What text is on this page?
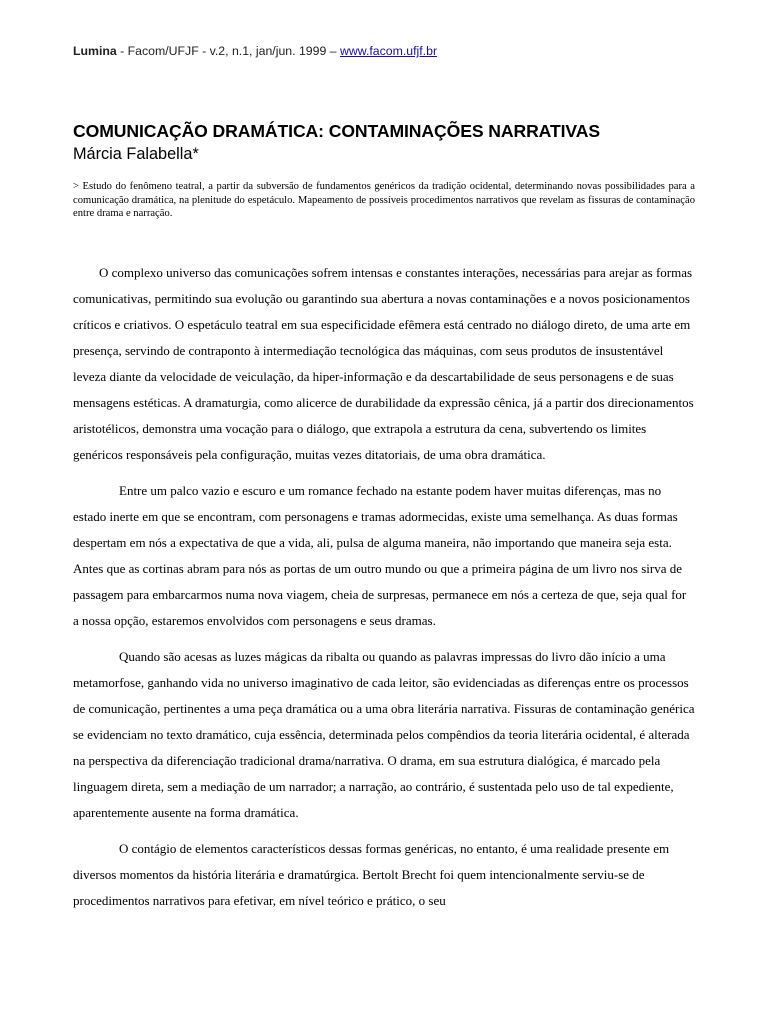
Lumina - Facom/UFJF - v.2, n.1, jan/jun. 1999 – www.facom.ufjf.br
COMUNICAÇÃO DRAMÁTICA: CONTAMINAÇÕES NARRATIVAS
Márcia Falabella*

> Estudo do fenômeno teatral, a partir da subversão de fundamentos genéricos da tradição ocidental, determinando novas possibilidades para a comunicação dramática, na plenitude do espetáculo. Mapeamento de possíveis procedimentos narrativos que revelam as fissuras de contaminação entre drama e narração.

O complexo universo das comunicações sofrem intensas e constantes interações, necessárias para arejar as formas comunicativas, permitindo sua evolução ou garantindo sua abertura a novas contaminações e a novos posicionamentos críticos e criativos. O espetáculo teatral em sua especificidade efêmera está centrado no diálogo direto, de uma arte em presença, servindo de contraponto à intermediação tecnológica das máquinas, com seus produtos de insustentável leveza diante da velocidade de veiculação, da hiper-informação e da descartabilidade de seus personagens e de suas mensagens estéticas. A dramaturgia, como alicerce de durabilidade da expressão cênica, já a partir dos direcionamentos aristotélicos, demonstra uma vocação para o diálogo, que extrapola a estrutura da cena, subvertendo os limites genéricos responsáveis pela configuração, muitas vezes ditatoriais, de uma obra dramática.

Entre um palco vazio e escuro e um romance fechado na estante podem haver muitas diferenças, mas no estado inerte em que se encontram, com personagens e tramas adormecidas, existe uma semelhança. As duas formas despertam em nós a expectativa de que a vida, ali, pulsa de alguma maneira, não importando que maneira seja esta. Antes que as cortinas abram para nós as portas de um outro mundo ou que a primeira página de um livro nos sirva de passagem para embarcarmos numa nova viagem, cheia de surpresas, permanece em nós a certeza de que, seja qual for a nossa opção, estaremos envolvidos com personagens e seus dramas.

Quando são acesas as luzes mágicas da ribalta ou quando as palavras impressas do livro dão início a uma metamorfose, ganhando vida no universo imaginativo de cada leitor, são evidenciadas as diferenças entre os processos de comunicação, pertinentes a uma peça dramática ou a uma obra literária narrativa. Fissuras de contaminação genérica se evidenciam no texto dramático, cuja essência, determinada pelos compêndios da teoria literária ocidental, é alterada na perspectiva da diferenciação tradicional drama/narrativa. O drama, em sua estrutura dialógica, é marcado pela linguagem direta, sem a mediação de um narrador; a narração, ao contrário, é sustentada pelo uso de tal expediente, aparentemente ausente na forma dramática.

O contágio de elementos característicos dessas formas genéricas, no entanto, é uma realidade presente em diversos momentos da história literária e dramatúrgica. Bertolt Brecht foi quem intencionalmente serviu-se de procedimentos narrativos para efetivar, em nível teórico e prático, o seu
